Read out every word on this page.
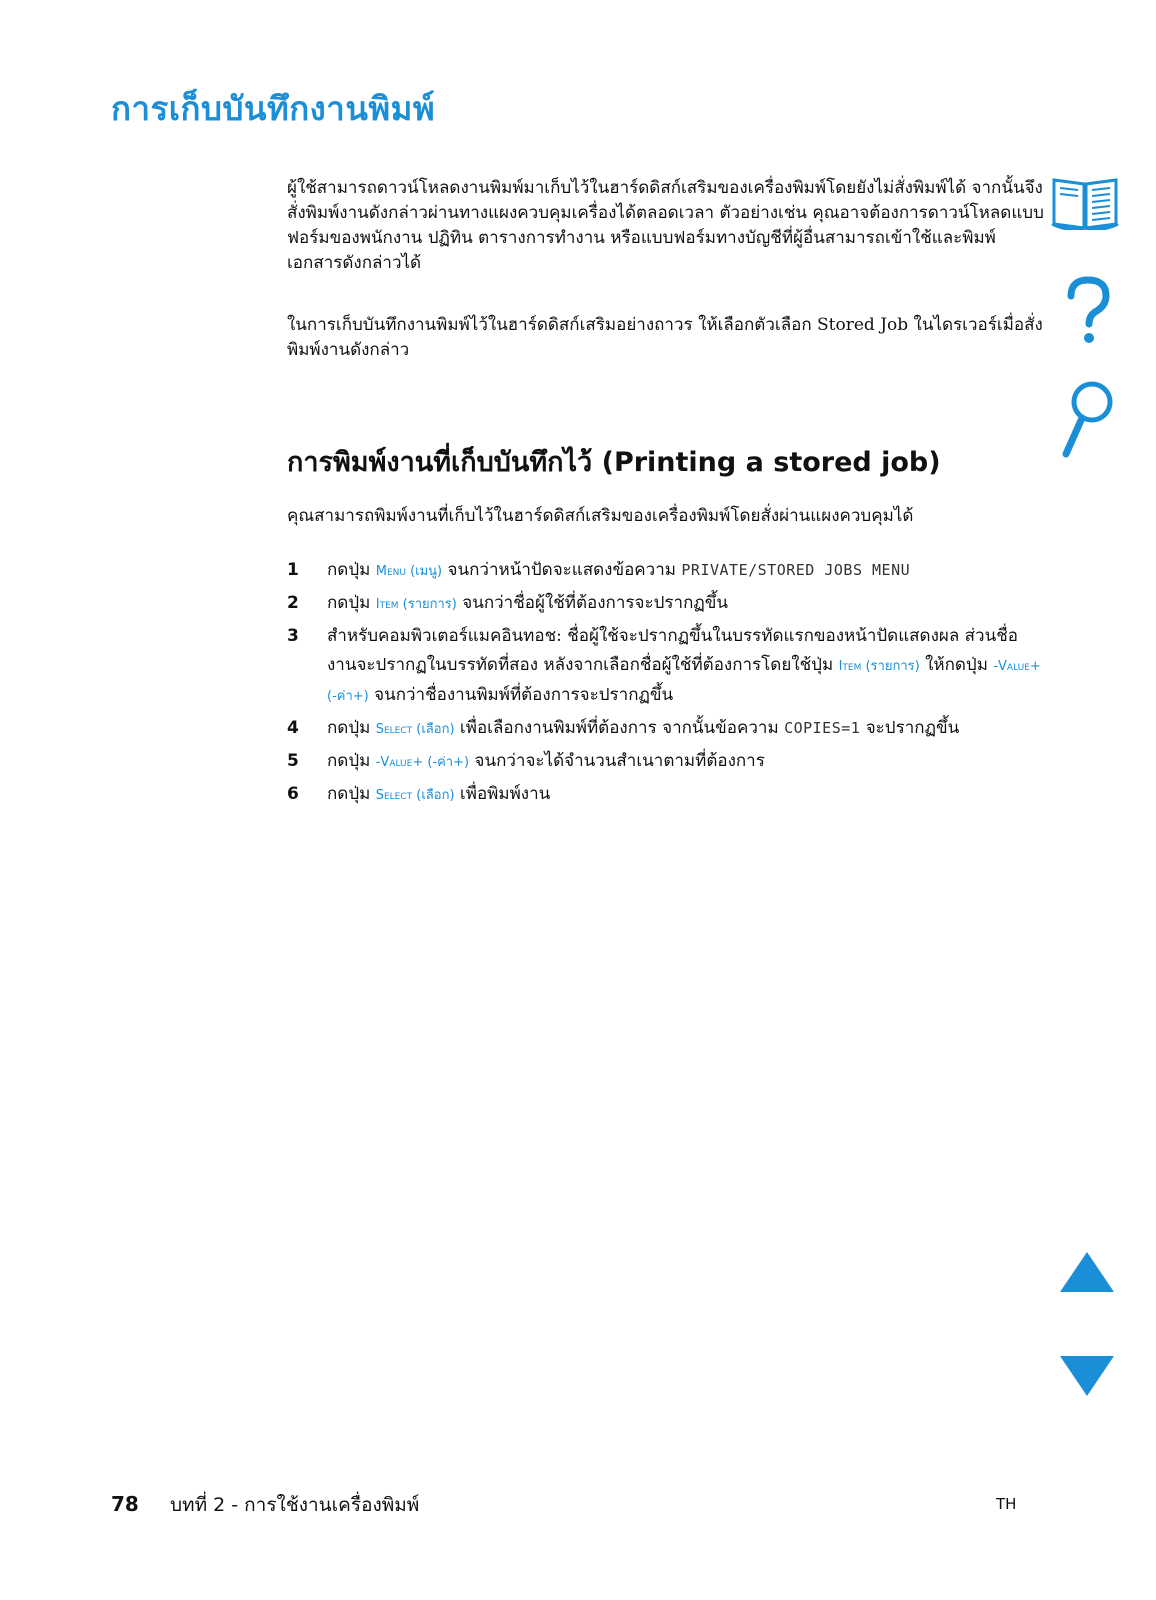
การเก็บบันทึกงานพิมพ์
ผู้ใช้สามารถดาวน์โหลดงานพิมพ์มาเก็บไว้ในฮาร์ดดิสก์เสริมของเครื่องพิมพ์โดยยังไม่สั่งพิมพ์ได้ จากนั้นจึงสั่งพิมพ์งานดังกล่าวผ่านทางแผงควบคุมเครื่องได้ตลอดเวลา ตัวอย่างเช่น คุณอาจต้องการดาวน์โหลดแบบฟอร์มของพนักงาน ปฏิทิน ตารางการทำงาน หรือแบบฟอร์มทางบัญชีที่ผู้อื่นสามารถเข้าใช้และพิมพ์เอกสารดังกล่าวได้
ในการเก็บบันทึกงานพิมพ์ไว้ในฮาร์ดดิสก์เสริมอย่างถาวร ให้เลือกตัวเลือก Stored Job ในไดรเวอร์เมื่อสั่งพิมพ์งานดังกล่าว
การพิมพ์งานที่เก็บบันทึกไว้ (Printing a stored job)
คุณสามารถพิมพ์งานที่เก็บไว้ในฮาร์ดดิสก์เสริมของเครื่องพิมพ์โดยสั่งผ่านแผงควบคุมได้
1	กดปุ่ม Menu (เมนู) จนกว่าหน้าปัดจะแสดงข้อความ PRIVATE/STORED JOBS MENU
2	กดปุ่ม Item (รายการ) จนกว่าชื่อผู้ใช้ที่ต้องการจะปรากฏขึ้น
3	สำหรับคอมพิวเตอร์แมคอินทอช: ชื่อผู้ใช้จะปรากฏขึ้นในบรรทัดแรกของหน้าปัดแสดงผล ส่วนชื่องานจะปรากฏในบรรทัดที่สอง หลังจากเลือกชื่อผู้ใช้ที่ต้องการโดยใช้ปุ่ม Item (รายการ) ให้กดปุ่ม -Value+ (-ค่า+) จนกว่าชื่องานพิมพ์ที่ต้องการจะปรากฏขึ้น
4	กดปุ่ม Select (เลือก) เพื่อเลือกงานพิมพ์ที่ต้องการ จากนั้นข้อความ COPIES=1 จะปรากฏขึ้น
5	กดปุ่ม -Value+ (-ค่า+) จนกว่าจะได้จำนวนสำเนาตามที่ต้องการ
6	กดปุ่ม Select (เลือก) เพื่อพิมพ์งาน
78 บทที่ 2 - การใช้งานเครื่องพิมพ์	TH
